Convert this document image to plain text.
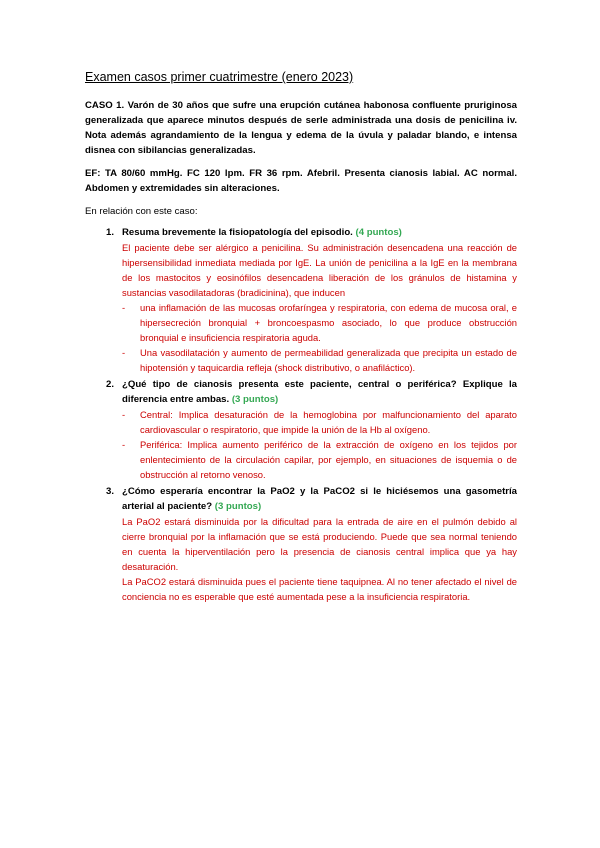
Examen casos primer cuatrimestre (enero 2023)

CASO 1. Varón de 30 años que sufre una erupción cutánea habonosa confluente pruriginosa generalizada que aparece minutos después de serle administrada una dosis de penicilina iv. Nota además agrandamiento de la lengua y edema de la úvula y paladar blando, e intensa disnea con sibilancias generalizadas.

EF: TA 80/60 mmHg. FC 120 lpm. FR 36 rpm. Afebril. Presenta cianosis labial. AC normal. Abdomen y extremidades sin alteraciones.

En relación con este caso:

1. Resuma brevemente la fisiopatología del episodio. (4 puntos)

El paciente debe ser alérgico a penicilina. Su administración desencadena una reacción de hipersensibilidad inmediata mediada por IgE. La unión de penicilina a la IgE en la membrana de los mastocitos y eosinófilos desencadena liberación de los gránulos de histamina y sustancias vasodilatadoras (bradicinina), que inducen

- una inflamación de las mucosas orofaríngea y respiratoria, con edema de mucosa oral, e hipersecreción bronquial + broncoespasmo asociado, lo que produce obstrucción bronquial e insuficiencia respiratoria aguda.
- Una vasodilatación y aumento de permeabilidad generalizada que precipita un estado de hipotensión y taquicardia refleja (shock distributivo, o anafiláctico).
2. ¿Qué tipo de cianosis presenta este paciente, central o periférica? Explique la diferencia entre ambas. (3 puntos)
- Central: Implica desaturación de la hemoglobina por malfuncionamiento del aparato cardiovascular o respiratorio, que impide la unión de la Hb al oxígeno.
- Periférica: Implica aumento periférico de la extracción de oxígeno en los tejidos por enlentecimiento de la circulación capilar, por ejemplo, en situaciones de isquemia o de obstrucción al retorno venoso.
3. ¿Cómo esperaría encontrar la PaO2 y la PaCO2 si le hiciésemos una gasometría arterial al paciente? (3 puntos)

La PaO2 estará disminuida por la dificultad para la entrada de aire en el pulmón debido al cierre bronquial por la inflamación que se está produciendo. Puede que sea normal teniendo en cuenta la hiperventilación pero la presencia de cianosis central implica que ya hay desaturación.

La PaCO2 estará disminuida pues el paciente tiene taquipnea. Al no tener afectado el nivel de conciencia no es esperable que esté aumentada pese a la insuficiencia respiratoria.
